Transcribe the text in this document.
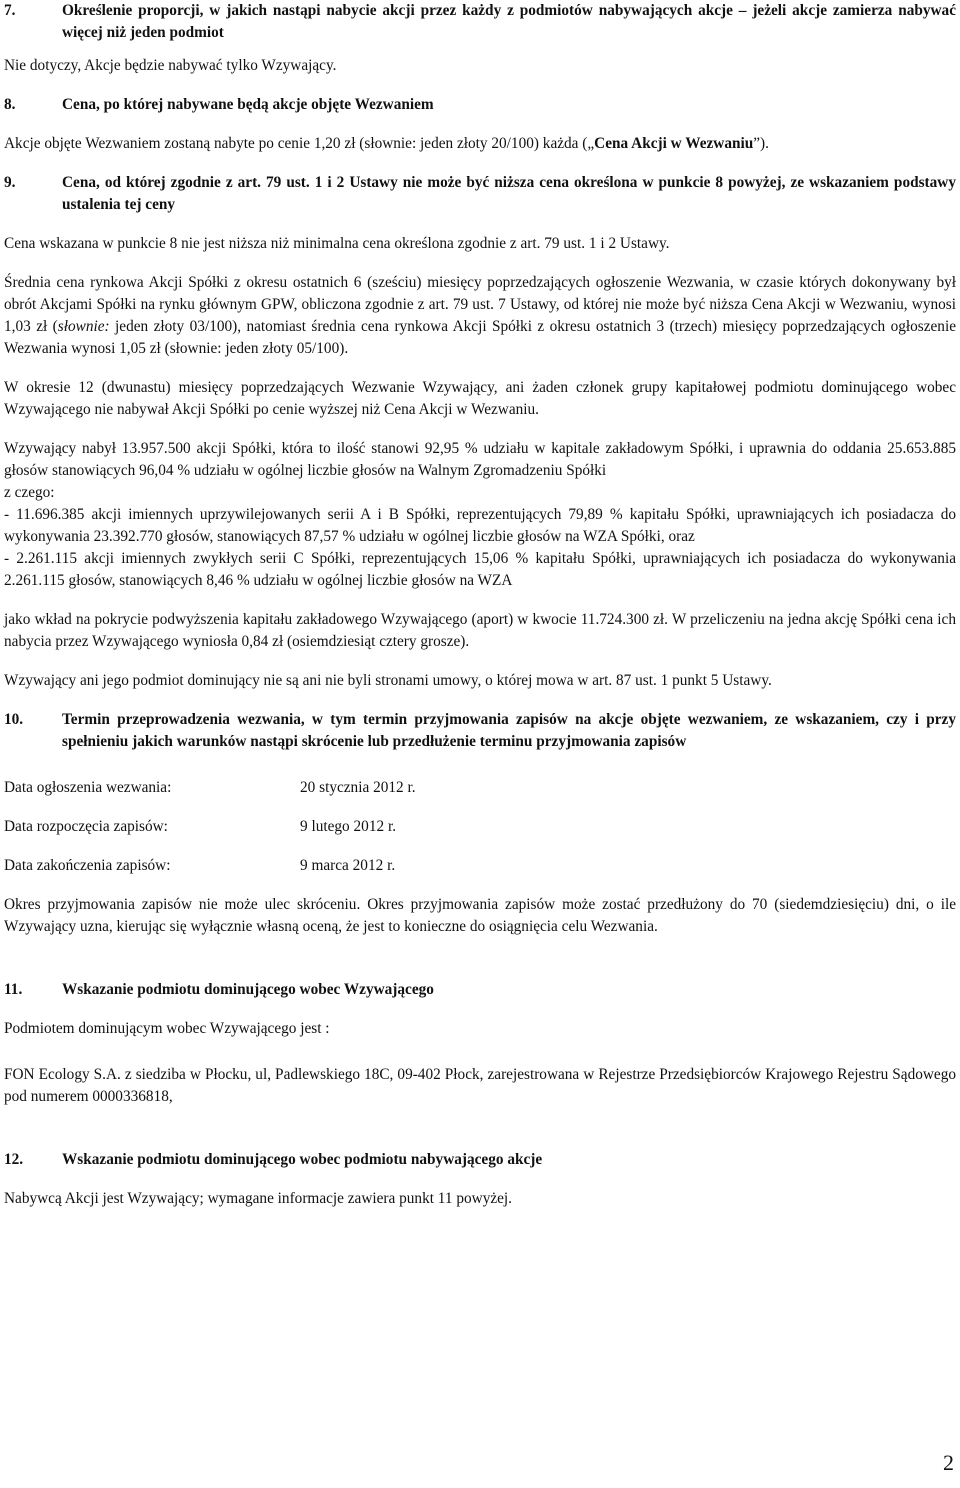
7.	Określenie proporcji, w jakich nastąpi nabycie akcji przez każdy z podmiotów nabywających akcje – jeżeli akcje zamierza nabywać więcej niż jeden podmiot

Nie dotyczy, Akcje będzie nabywać tylko Wzywający.

8.	Cena, po której nabywane będą akcje objęte Wezwaniem

Akcje objęte Wezwaniem zostaną nabyte po cenie 1,20 zł (słownie: jeden złoty 20/100) każda („Cena Akcji w Wezwaniu”).

9.	Cena, od której zgodnie z art. 79 ust. 1 i 2 Ustawy nie może być niższa cena określona w punkcie 8 powyżej, ze wskazaniem podstawy ustalenia tej ceny

Cena wskazana w punkcie 8 nie jest niższa niż minimalna cena określona zgodnie z art. 79 ust. 1 i 2 Ustawy.

Średnia cena rynkowa Akcji Spółki z okresu ostatnich 6 (sześciu) miesięcy poprzedzających ogłoszenie Wezwania, w czasie których dokonywany był obrót Akcjami Spółki na rynku głównym GPW, obliczona zgodnie z art. 79 ust. 7 Ustawy, od której nie może być niższa Cena Akcji w Wezwaniu, wynosi 1,03 zł (słownie: jeden złoty 03/100), natomiast średnia cena rynkowa Akcji Spółki z okresu ostatnich 3 (trzech) miesięcy poprzedzających ogłoszenie Wezwania wynosi 1,05 zł (słownie: jeden złoty 05/100).

W okresie 12 (dwunastu) miesięcy poprzedzających Wezwanie Wzywający, ani żaden członek grupy kapitałowej podmiotu dominującego wobec Wzywającego nie nabywał Akcji Spółki po cenie wyższej niż Cena Akcji w Wezwaniu.

Wzywający nabył 13.957.500 akcji Spółki, która to ilość stanowi 92,95 % udziału w kapitale zakładowym Spółki, i uprawnia do oddania 25.653.885 głosów stanowiących 96,04 % udziału w ogólnej liczbie głosów na Walnym Zgromadzeniu Spółki

z czego:

- 11.696.385 akcji imiennych uprzywilejowanych serii A i B Spółki, reprezentujących 79,89 % kapitału Spółki, uprawniających ich posiadacza do wykonywania 23.392.770 głosów, stanowiących 87,57 % udziału w ogólnej liczbie głosów na WZA Spółki, oraz

- 2.261.115 akcji imiennych zwykłych serii C Spółki, reprezentujących 15,06 % kapitału Spółki, uprawniających ich posiadacza do wykonywania 2.261.115 głosów, stanowiących 8,46 % udziału w ogólnej liczbie głosów na WZA

jako wkład na pokrycie podwyższenia kapitału zakładowego Wzywającego (aport) w kwocie 11.724.300 zł. W przeliczeniu na jedna akcję Spółki cena ich nabycia przez Wzywającego wyniosła 0,84 zł (osiemdziesiąt cztery grosze).

Wzywający ani jego podmiot dominujący nie są ani nie byli stronami umowy, o której mowa w art. 87 ust. 1 punkt 5 Ustawy.

10.	Termin przeprowadzenia wezwania, w tym termin przyjmowania zapisów na akcje objęte wezwaniem, ze wskazaniem, czy i przy spełnieniu jakich warunków nastąpi skrócenie lub przedłużenie terminu przyjmowania zapisów
Data ogłoszenia wezwania:	20 stycznia 2012 r.
Data rozpoczęcia zapisów:	9 lutego 2012 r.
Data zakończenia zapisów:	9 marca 2012 r.

Okres przyjmowania zapisów nie może ulec skróceniu. Okres przyjmowania zapisów może zostać przedłużony do 70 (siedemdziesięciu) dni, o ile Wzywający uzna, kierując się wyłącznie własną oceną, że jest to konieczne do osiągnięcia celu Wezwania.

11.	Wskazanie podmiotu dominującego wobec Wzywającego

Podmiotem dominującym wobec Wzywającego jest :

FON Ecology S.A. z siedziba w Płocku, ul, Padlewskiego 18C, 09-402 Płock, zarejestrowana w Rejestrze Przedsiębiorców Krajowego Rejestru Sądowego pod numerem 0000336818,

12.	Wskazanie podmiotu dominującego wobec podmiotu nabywającego akcje

Nabywcą Akcji jest Wzywający; wymagane informacje zawiera punkt 11 powyżej.

2
